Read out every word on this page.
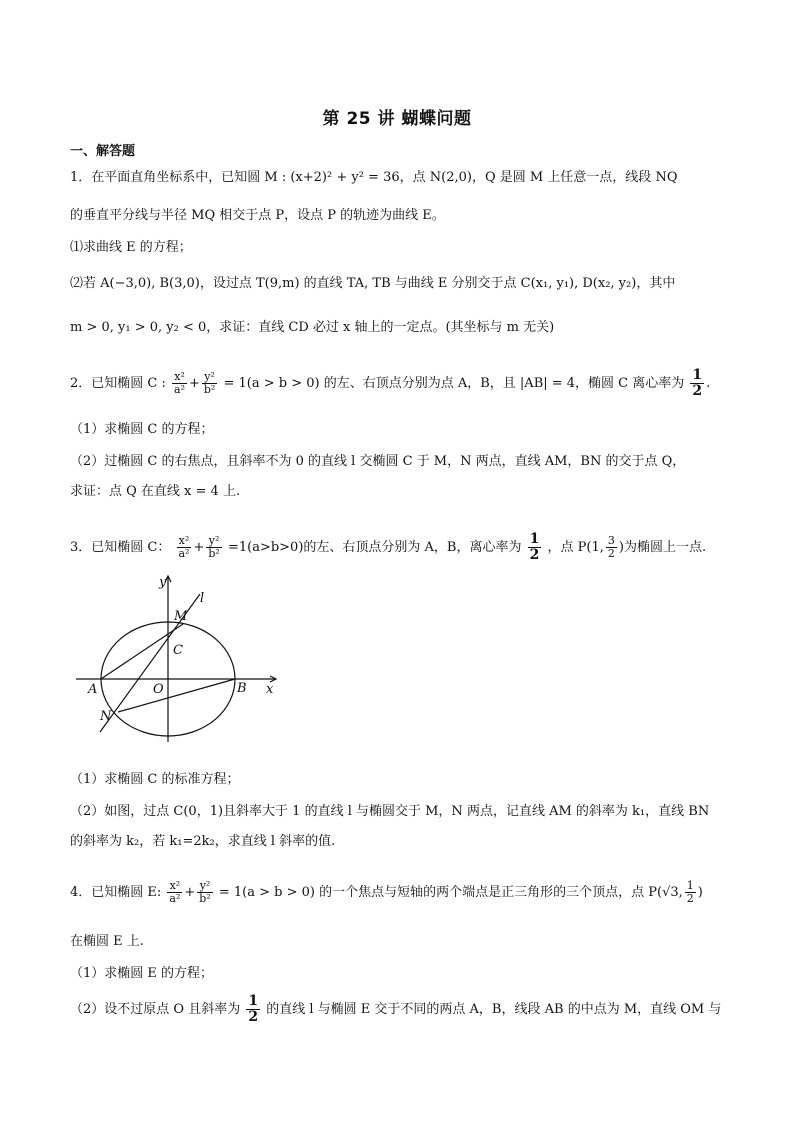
第 25 讲 蝴蝶问题
一、解答题
1．在平面直角坐标系中，已知圆 M : (x+2)² + y² = 36，点 N(2,0)，Q 是圆 M 上任意一点，线段 NQ
的垂直平分线与半径 MQ 相交于点 P，设点 P 的轨迹为曲线 E。
⑴求曲线 E 的方程；
⑵若 A(−3,0), B(3,0)，设过点 T(9,m) 的直线 TA, TB 与曲线 E 分别交于点 C(x₁, y₁), D(x₂, y₂)，其中
m > 0, y₁ > 0, y₂ < 0，求证：直线 CD 必过 x 轴上的一定点。(其坐标与 m 无关)
2．已知椭圆 C : $\frac{\text{x²}}{\text{a²}} + \frac{\text{y²}}{\text{b²}} = 1(a > b > 0)$ 的左、右顶点分别为点 A，B，且 |AB| = 4，椭圆 C 离心率为 $\frac{1}{2}$ .
（1）求椭圆 C 的方程；
（2）过椭圆 C 的右焦点，且斜率不为 0 的直线 l 交椭圆 C 于 M，N 两点，直线 AM，BN 的交于点 Q，
求证：点 Q 在直线 x = 4 上.
3．已知椭圆 C： $\frac{\text{x²}}{\text{a²}} + \frac{\text{y²}}{\text{b²}} =1(a>b>0)$的左、右顶点分别为 A，B，离心率为 $\frac{1}{2}$ ，点 P(1, $\frac{3}{2}$ )为椭圆上一点.
y
M
l
C
A	O	B x
N
（1）求椭圆 C 的标准方程；
（2）如图，过点 C(0，1)且斜率大于 1 的直线 l 与椭圆交于 M，N 两点，记直线 AM 的斜率为 k₁，直线 BN
的斜率为 k₂，若 k₁=2k₂，求直线 l 斜率的值.
4．已知椭圆 E: $\frac{\text{x²}}{\text{a²}} + \frac{\text{y²}}{\text{b²}} = 1(a > b > 0)$ 的一个焦点与短轴的两个端点是正三角形的三个顶点，点 P(√3, $\frac{1}{2}$ )
在椭圆 E 上.
（1）求椭圆 E 的方程；
（2）设不过原点 O 且斜率为 $\frac{1}{2}$ 的直线 l 与椭圆 E 交于不同的两点 A，B，线段 AB 的中点为 M，直线 OM 与
